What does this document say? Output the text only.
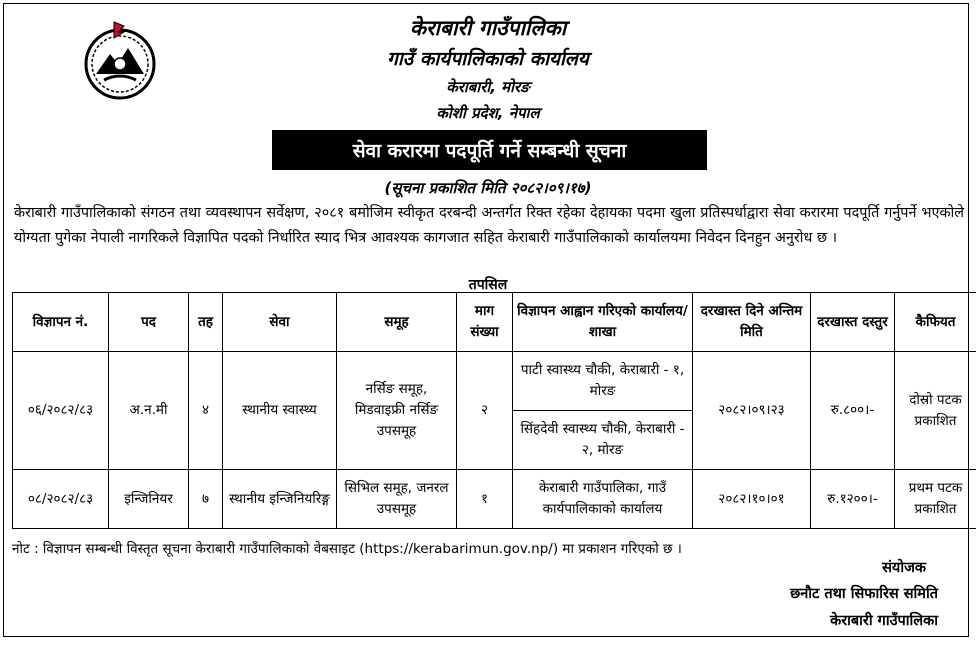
केराबारी गाउँपालिका
गाउँ कार्यपालिकाको कार्यालय
केराबारी, मोरङ
कोशी प्रदेश, नेपाल
सेवा करारमा पदपूर्ति गर्ने सम्बन्धी सूचना
(सूचना प्रकाशित मिति २०८२।०९।१७)
केराबारी गाउँपालिकाको संगठन तथा व्यवस्थापन सर्वेक्षण, २०८१ बमोजिम स्वीकृत दरबन्दी अन्तर्गत रिक्त रहेका देहायका पदमा खुला प्रतिस्पर्धाद्वारा सेवा करारमा पदपूर्ति गर्नुपर्ने भएकोले योग्यता पुगेका नेपाली नागरिकले विज्ञापित पदको निर्धारित स्याद भित्र आवश्यक कागजात सहित केराबारी गाउँपालिकाको कार्यालयमा निवेदन दिनहुन अनुरोध छ ।
तपसिल
विज्ञापन नं.	पद	तह	सेवा	समूह	माग संख्या	विज्ञापन आह्वान गरिएको कार्यालय/ शाखा	दरखास्त दिने अन्तिम मिति	दरखास्त दस्तुर	कैफियत
०६/२०८२/८३	अ.न.मी	४	स्थानीय स्वास्थ्य	नर्सिङ समूह, मिडवाइफ्री नर्सिङ उपसमूह	२	पाटी स्वास्थ्य चौकी, केराबारी - १, मोरङ	२०८२।०९।२३	रु.८००।-	दोस्रो पटक प्रकाशित
						सिंहदेवी स्वास्थ्य चौकी, केराबारी - २, मोरङ			
०८/२०८२/८३	इन्जिनियर	७	स्थानीय इन्जिनियरिङ्ग	सिभिल समूह, जनरल उपसमूह	१	केराबारी गाउँपालिका, गाउँ कार्यपालिकाको कार्यालय	२०८२।१०।०१	रु.१२००।-	प्रथम पटक प्रकाशित
नोट : विज्ञापन सम्बन्धी विस्तृत सूचना केराबारी गाउँपालिकाको वेबसाइट (https://kerabarimun.gov.np/) मा प्रकाशन गरिएको छ ।
संयोजक
छनौट तथा सिफारिस समिति
केराबारी गाउँपालिका
